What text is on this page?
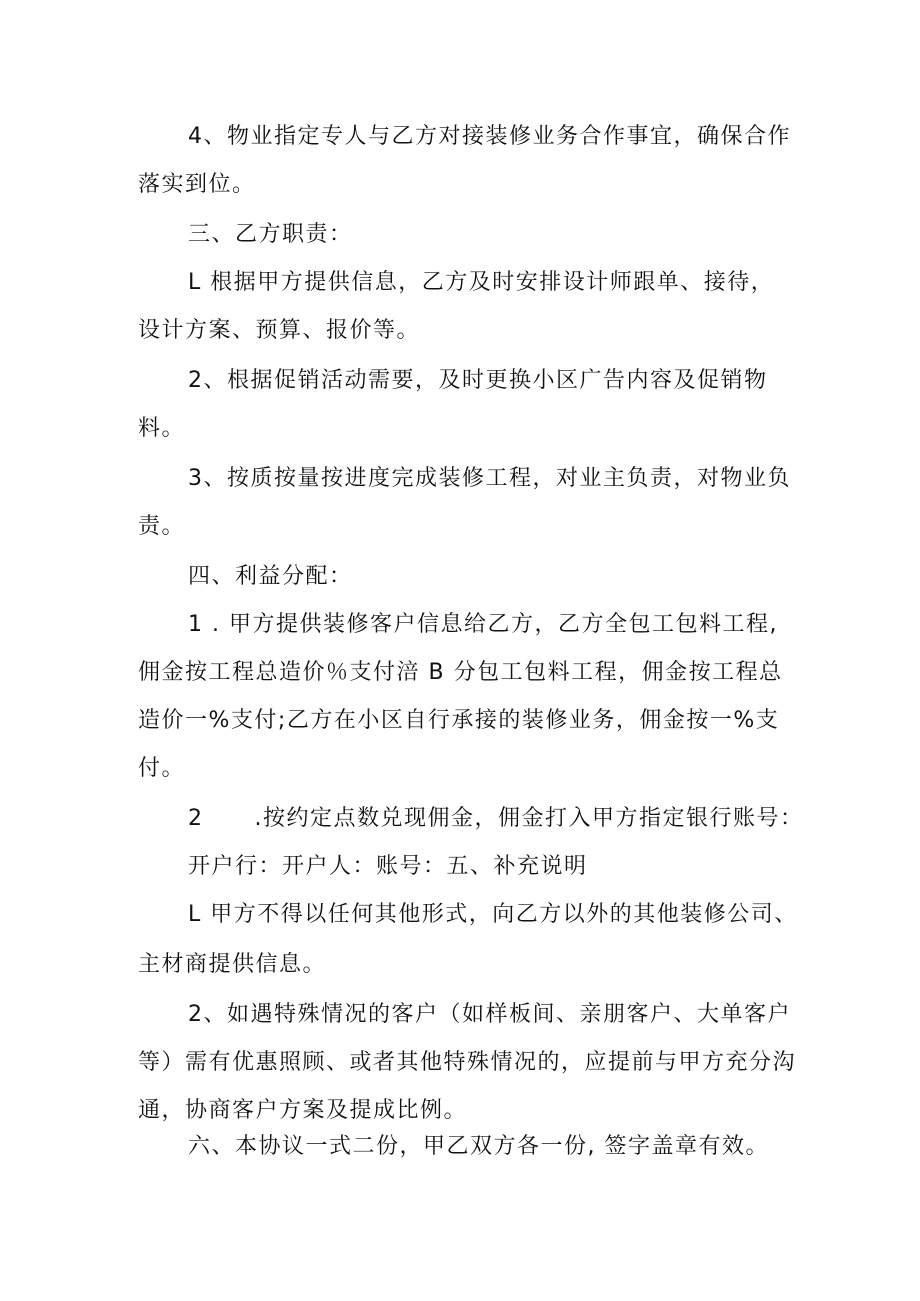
4、物业指定专人与乙方对接装修业务合作事宜，确保合作
落实到位。
三、乙方职责：
L 根据甲方提供信息，乙方及时安排设计师跟单、接待，
设计方案、预算、报价等。
2、根据促销活动需要，及时更换小区广告内容及促销物
料。
3、按质按量按进度完成装修工程，对业主负责，对物业负
责。
四、利益分配：
1 . 甲方提供装修客户信息给乙方，乙方全包工包料工程,
佣金按工程总造价％支付涪 B 分包工包料工程，佣金按工程总
造价一%支付;乙方在小区自行承接的装修业务，佣金按一%支
付。
2      .按约定点数兑现佣金，佣金打入甲方指定银行账号：
开户行：开户人：账号：五、补充说明
L 甲方不得以任何其他形式，向乙方以外的其他装修公司、
主材商提供信息。
2、如遇特殊情况的客户（如样板间、亲朋客户、大单客户
等）需有优惠照顾、或者其他特殊情况的，应提前与甲方充分沟
通，协商客户方案及提成比例。
六、本协议一式二份，甲乙双方各一份, 签字盖章有效。
